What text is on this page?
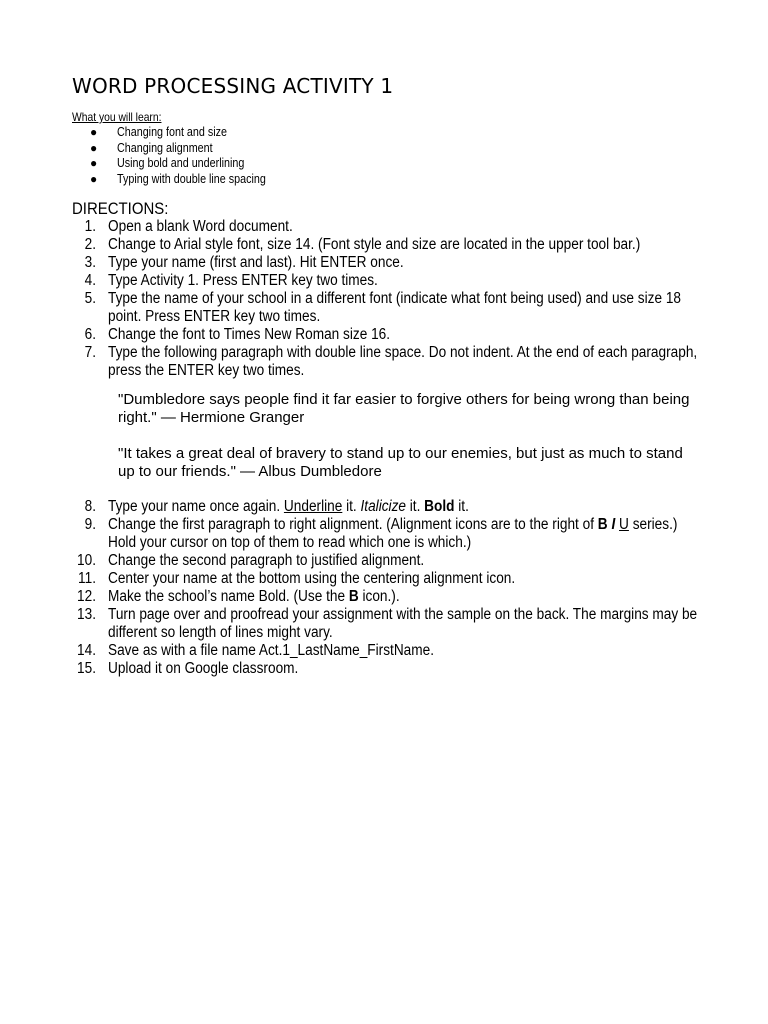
WORD PROCESSING ACTIVITY 1
What you will learn:
● Changing font and size
● Changing alignment
● Using bold and underlining
● Typing with double line spacing
DIRECTIONS:
1. Open a blank Word document.
2. Change to Arial style font, size 14. (Font style and size are located in the upper tool bar.)
3. Type your name (first and last). Hit ENTER once.
4. Type Activity 1. Press ENTER key two times.
5. Type the name of your school in a different font (indicate what font being used) and use size 18
point. Press ENTER key two times.
6. Change the font to Times New Roman size 16.
7. Type the following paragraph with double line space. Do not indent. At the end of each paragraph,
press the ENTER key two times.
"Dumbledore says people find it far easier to forgive others for being wrong than being
right." — Hermione Granger
"It takes a great deal of bravery to stand up to our enemies, but just as much to stand
up to our friends." — Albus Dumbledore
8. Type your name once again. Underline it. Italicize it. Bold it.
9. Change the first paragraph to right alignment. (Alignment icons are to the right of B I U series.)
Hold your cursor on top of them to read which one is which.)
10. Change the second paragraph to justified alignment.
11. Center your name at the bottom using the centering alignment icon.
12. Make the school’s name Bold. (Use the B icon.).
13. Turn page over and proofread your assignment with the sample on the back. The margins may be
different so length of lines might vary.
14. Save as with a file name Act.1_LastName_FirstName.
15. Upload it on Google classroom.
